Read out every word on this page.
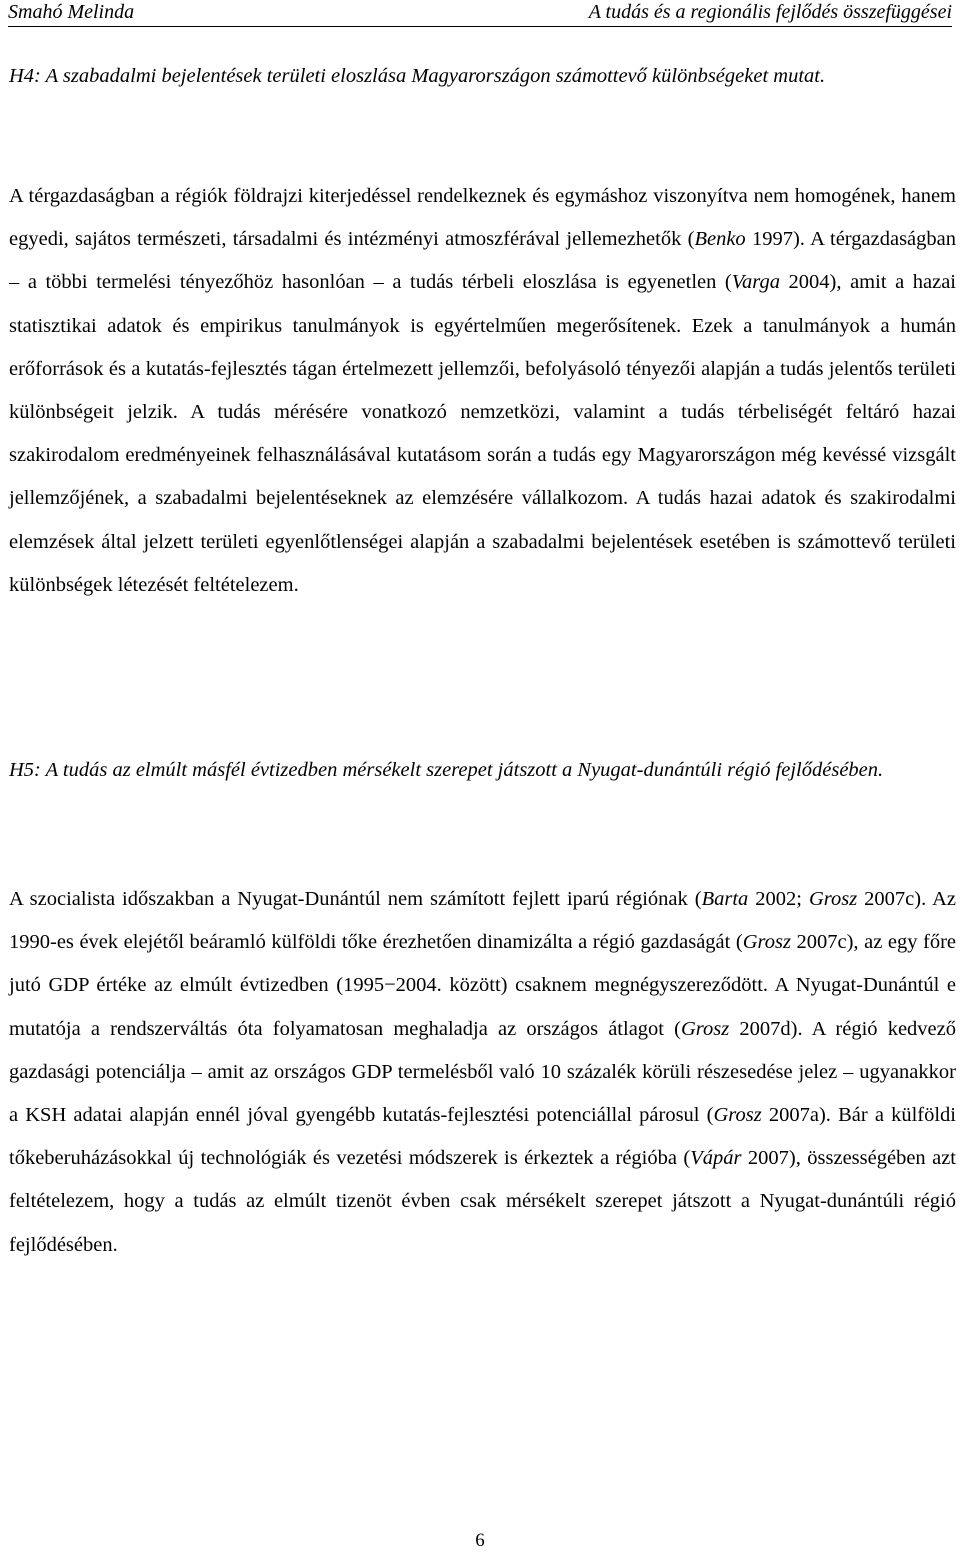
Smahó Melinda	A tudás és a regionális fejlődés összefüggései
H4: A szabadalmi bejelentések területi eloszlása Magyarországon számottevő különbségeket mutat.
A térgazdaságban a régiók földrajzi kiterjedéssel rendelkeznek és egymáshoz viszonyítva nem homogének, hanem egyedi, sajátos természeti, társadalmi és intézményi atmoszférával jellemezhetők (Benko 1997). A térgazdaságban – a többi termelési tényezőhöz hasonlóan – a tudás térbeli eloszlása is egyenetlen (Varga 2004), amit a hazai statisztikai adatok és empirikus tanulmányok is egyértelműen megerősítenek. Ezek a tanulmányok a humán erőforrások és a kutatás-fejlesztés tágan értelmezett jellemzői, befolyásoló tényezői alapján a tudás jelentős területi különbségeit jelzik. A tudás mérésére vonatkozó nemzetközi, valamint a tudás térbeliségét feltáró hazai szakirodalom eredményeinek felhasználásával kutatásom során a tudás egy Magyarországon még kevéssé vizsgált jellemzőjének, a szabadalmi bejelentéseknek az elemzésére vállalkozom. A tudás hazai adatok és szakirodalmi elemzések által jelzett területi egyenlőtlenségei alapján a szabadalmi bejelentések esetében is számottevő területi különbségek létezését feltételezem.
H5: A tudás az elmúlt másfél évtizedben mérsékelt szerepet játszott a Nyugat-dunántúli régió fejlődésében.
A szocialista időszakban a Nyugat-Dunántúl nem számított fejlett iparú régiónak (Barta 2002; Grosz 2007c). Az 1990-es évek elejétől beáramló külföldi tőke érezhetően dinamizálta a régió gazdaságát (Grosz 2007c), az egy főre jutó GDP értéke az elmúlt évtizedben (1995−2004. között) csaknem megnégyszereződött. A Nyugat-Dunántúl e mutatója a rendszerváltás óta folyamatosan meghaladja az országos átlagot (Grosz 2007d). A régió kedvező gazdasági potenciálja – amit az országos GDP termelésből való 10 százalék körüli részesedése jelez – ugyanakkor a KSH adatai alapján ennél jóval gyengébb kutatás-fejlesztési potenciállal párosul (Grosz 2007a). Bár a külföldi tőkeberuházásokkal új technológiák és vezetési módszerek is érkeztek a régióba (Vápár 2007), összességében azt feltételezem, hogy a tudás az elmúlt tizenöt évben csak mérsékelt szerepet játszott a Nyugat-dunántúli régió fejlődésében.
6
